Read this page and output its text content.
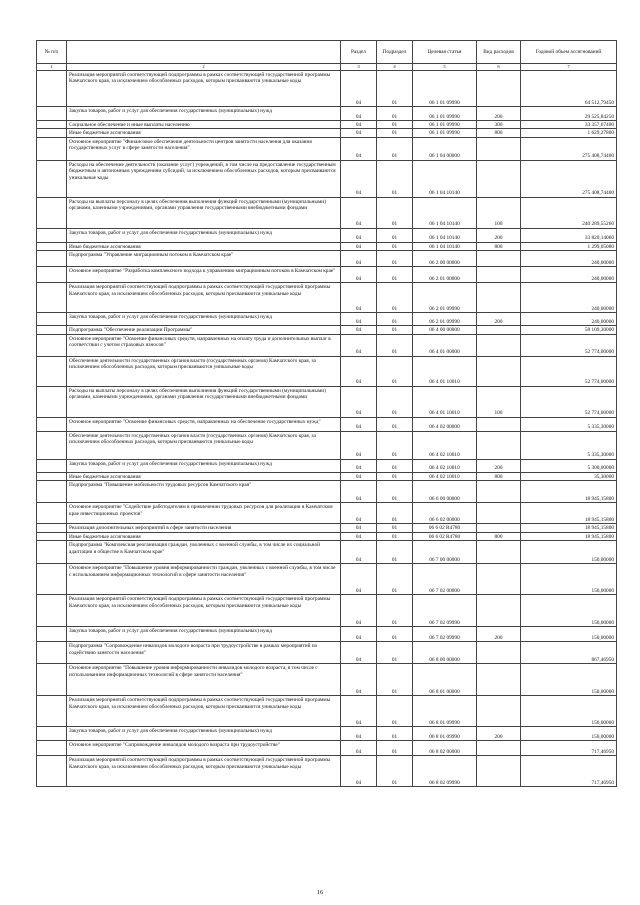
№ п/п		Раздел	Подраздел	Целевая статья	Вид расходов	Годовой объем ассигнований
1	2	3	4	5	6	7
	Реализация мероприятий соответствующей подпрограммы в рамках соответствующей государственной программы Камчатского края, за исключением обособленных расходов, которым присваиваются уникальные коды	04	01	06 1 01 09990		64 512,79450
	Закупка товаров, работ и услуг для обеспечения государственных (муниципальных) нужд	04	01	06 1 01 09990	200	29 525,84250
	Социальное обеспечение и иные выплаты населению	04	01	06 1 01 09990	300	33 357,67400
	Иные бюджетные ассигнования	04	01	06 1 01 09990	800	1 629,27800
	Основное мероприятие "Финансовое обеспечение деятельности центров занятости населения для оказания государственных услуг в сфере занятости населения"	04	01	06 1 04 00000		275 408,74400
	Расходы на обеспечение деятельности (оказание услуг) учреждений, в том числе на предоставление государственным бюджетным и автономным учреждениям субсидий, за исключением обособленных расходов, которым присваиваются уникальные коды	04	01	06 1 04 10140		275 408,74400
	Расходы на выплаты персоналу в целях обеспечения выполнения функций государственными (муниципальными) органами, казенными учреждениями, органами управления государственными внебюджетными фондами	04	01	06 1 04 10140	100	240 289,55260
	Закупка товаров, работ и услуг для обеспечения государственных (муниципальных) нужд	04	01	06 1 04 10140	200	33 820,14060
	Иные бюджетные ассигнования	04	01	06 1 04 10140	800	1 299,05080
	Подпрограмма "Управление миграционным потоком в Камчатском крае"	04	01	06 2 00 00000		240,00000
	Основное мероприятие "Разработка комплексного подхода к управлению миграционным потоком в Камчатском крае"	04	01	06 2 01 00000		240,00000
	Реализация мероприятий соответствующей подпрограммы в рамках соответствующей государственной программы Камчатского края, за исключением обособленных расходов, которым присваиваются уникальные коды	04	01	06 2 01 09990		240,00000
	Закупка товаров, работ и услуг для обеспечения государственных (муниципальных) нужд	04	01	06 2 01 09990	200	240,00000
	Подпрограмма "Обеспечение реализации Программы"	04	01	06 4 00 00000		58 109,30000
	Основное мероприятие "Освоение финансовых средств, направленных на оплату труда и дополнительных выплат в соответствии с учетом страховых взносов"	04	01	06 4 01 00000		52 774,00000
	Обеспечение деятельности государственных органов власти (государственных органов) Камчатского края, за исключением обособленных расходов, которым присваиваются уникальные коды	04	01	06 4 01 10010		52 774,00000
	Расходы на выплаты персоналу в целях обеспечения выполнения функций государственными (муниципальными) органами, казенными учреждениями, органами управления государственными внебюджетными фондами	04	01	06 4 01 10010	100	52 774,00000
	Основное мероприятие "Освоение финансовых средств, направленных на обеспечение государственных нужд"	04	01	06 4 02 00000		5 335,30000
	Обеспечение деятельности государственных органов власти (государственных органов) Камчатского края, за исключением обособленных расходов, которым присваиваются уникальные коды	04	01	06 4 02 10010		5 335,30000
	Закупка товаров, работ и услуг для обеспечения государственных (муниципальных) нужд	04	01	06 4 02 10010	200	5 300,00000
	Иные бюджетные ассигнования	04	01	06 4 02 10010	800	35,30000
	Подпрограмма "Повышение мобильности трудовых ресурсов Камчатского края"	04	01	06 6 00 00000		18 945,15800
	Основное мероприятие "Содействие работодателям в привлечении трудовых ресурсов для реализации в Камчатском крае инвестиционных проектов"	04	01	06 6 02 00000		18 945,15800
	Реализация дополнительных мероприятий в сфере занятости населения	04	01	06 6 02 R4780		18 945,15800
	Иные бюджетные ассигнования	04	01	06 6 02 R4780	800	18 945,15800
	Подпрограмма "Комплексная реоганизация граждан, уволенных с военной службы, в том числе их социальной адаптации в обществе в Камчатском крае"	04	01	06 7 00 00000		150,00000
	Основное мероприятие "Повышение уровня информированности граждан, уволенных с военной службы, в том числе с использованием информационных технологий в сфере занятости населения"	04	01	06 7 02 00000		150,00000
	Реализация мероприятий соответствующей подпрограммы в рамках соответствующей государственной программы Камчатского края, за исключением обособленных расходов, которым присваиваются уникальные коды	04	01	06 7 02 09990		150,00000
	Закупка товаров, работ и услуг для обеспечения государственных (муниципальных) нужд	04	01	06 7 02 09990	200	150,00000
	Подпрограмма "Сопровождение инвалидов молодого возраста при трудоустройстве в рамках мероприятий по содействию занятости населения"	04	01	06 8 00 00000		867,46950
	Основное мероприятие "Повышение уровня информированности инвалидов молодого возраста, в том числе с использованием информационных технологий в сфере занятости населения"	04	01	06 8 01 00000		150,00000
	Реализация мероприятий соответствующей подпрограммы в рамках соответствующей государственной программы Камчатского края, за исключением обособленных расходов, которым присваиваются уникальные коды	04	01	06 8 01 09990		150,00000
	Закупка товаров, работ и услуг для обеспечения государственных (муниципальных) нужд	04	01	06 8 01 09990	200	150,00000
	Основное мероприятие "Сопровождение инвалидов молодого возраста при трудоустройстве"	04	01	06 8 02 00000		717,46950
	Реализация мероприятий соответствующей подпрограммы в рамках соответствующей государственной программы Камчатского края, за исключением обособленных расходов, которым присваиваются уникальные коды	04	01	06 8 02 09990		717,46950
16
